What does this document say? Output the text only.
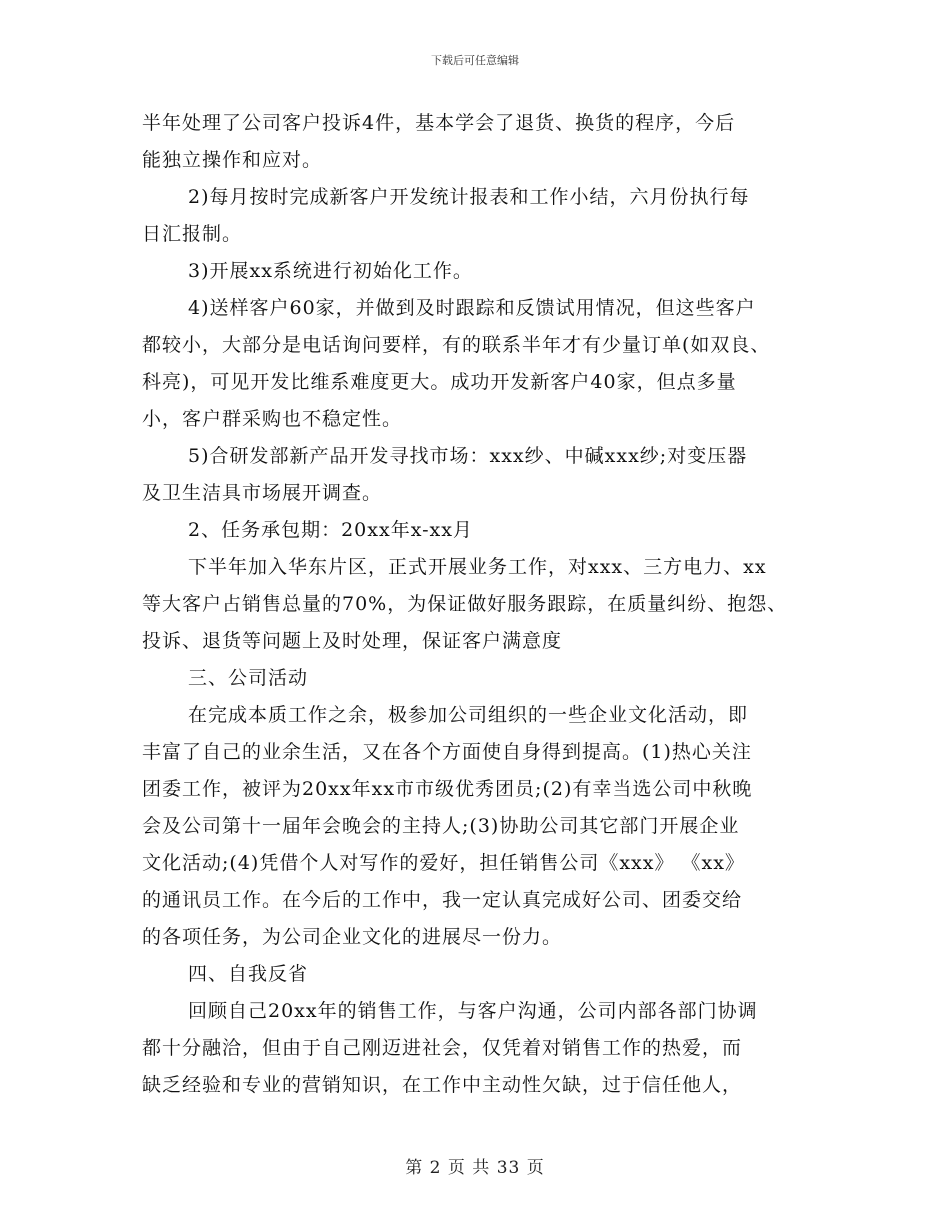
下载后可任意编辑

半年处理了公司客户投诉4件，基本学会了退货、换货的程序，今后

能独立操作和应对。

2)每月按时完成新客户开发统计报表和工作小结，六月份执行每

日汇报制。

3)开展xx系统进行初始化工作。

4)送样客户60家，并做到及时跟踪和反馈试用情况，但这些客户

都较小，大部分是电话询问要样，有的联系半年才有少量订单(如双良、

科亮)，可见开发比维系难度更大。成功开发新客户40家，但点多量

小，客户群采购也不稳定性。

5)合研发部新产品开发寻找市场：xxx纱、中碱xxx纱;对变压器

及卫生洁具市场展开调查。

2、任务承包期：20xx年x-xx月

下半年加入华东片区，正式开展业务工作，对xxx、三方电力、xx

等大客户占销售总量的70%，为保证做好服务跟踪，在质量纠纷、抱怨、

投诉、退货等问题上及时处理，保证客户满意度

三、公司活动

在完成本质工作之余，极参加公司组织的一些企业文化活动，即

丰富了自己的业余生活，又在各个方面使自身得到提高。(1)热心关注

团委工作，被评为20xx年xx市市级优秀团员;(2)有幸当选公司中秋晚

会及公司第十一届年会晚会的主持人;(3)协助公司其它部门开展企业

文化活动;(4)凭借个人对写作的爱好，担任销售公司《xxx》 《xx》

的通讯员工作。在今后的工作中，我一定认真完成好公司、团委交给

的各项任务，为公司企业文化的进展尽一份力。

四、自我反省

回顾自己20xx年的销售工作，与客户沟通，公司内部各部门协调

都十分融洽，但由于自己刚迈进社会，仅凭着对销售工作的热爱，而

缺乏经验和专业的营销知识，在工作中主动性欠缺，过于信任他人，

第 2 页 共 33 页
